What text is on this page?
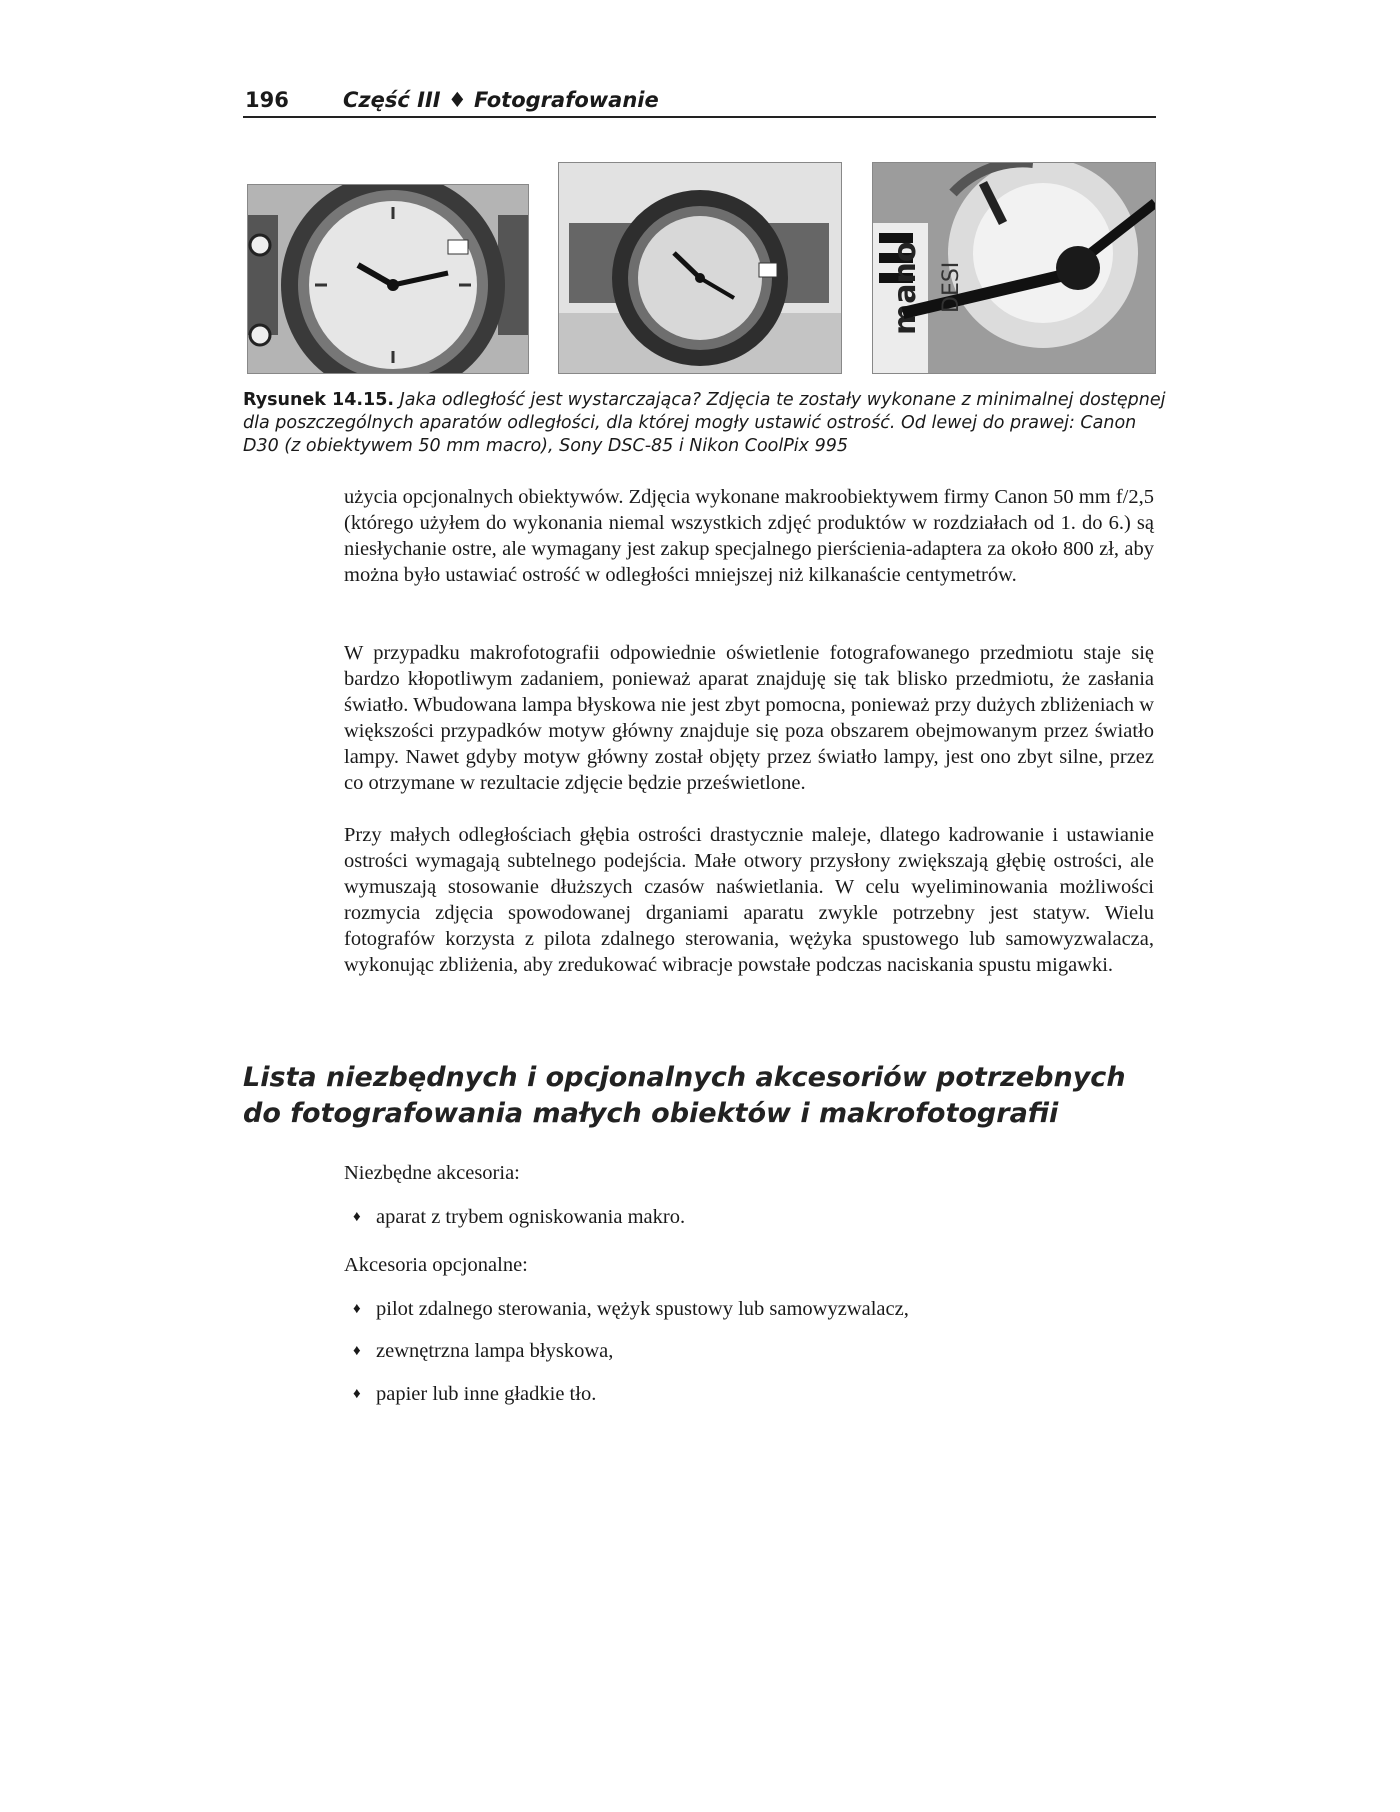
196	Część III ♦ Fotografowanie
mano DESI
Rysunek 14.15. Jaka odległość jest wystarczająca? Zdjęcia te zostały wykonane z minimalnej dostępnej dla poszczególnych aparatów odległości, dla której mogły ustawić ostrość. Od lewej do prawej: Canon D30 (z obiektywem 50 mm macro), Sony DSC-85 i Nikon CoolPix 995
użycia opcjonalnych obiektywów. Zdjęcia wykonane makroobiektywem firmy Canon 50 mm f/2,5 (którego użyłem do wykonania niemal wszystkich zdjęć produktów w rozdziałach od 1. do 6.) są niesłychanie ostre, ale wymagany jest zakup specjalnego pierścienia-adaptera za około 800 zł, aby można było ustawiać ostrość w odległości mniejszej niż kilkanaście centymetrów.
W przypadku makrofotografii odpowiednie oświetlenie fotografowanego przedmiotu staje się bardzo kłopotliwym zadaniem, ponieważ aparat znajduję się tak blisko przedmiotu, że zasłania światło. Wbudowana lampa błyskowa nie jest zbyt pomocna, ponieważ przy dużych zbliżeniach w większości przypadków motyw główny znajduje się poza obszarem obejmowanym przez światło lampy. Nawet gdyby motyw główny został objęty przez światło lampy, jest ono zbyt silne, przez co otrzymane w rezultacie zdjęcie będzie prześwietlone.
Przy małych odległościach głębia ostrości drastycznie maleje, dlatego kadrowanie i ustawianie ostrości wymagają subtelnego podejścia. Małe otwory przysłony zwiększają głębię ostrości, ale wymuszają stosowanie dłuższych czasów naświetlania. W celu wyeliminowania możliwości rozmycia zdjęcia spowodowanej drganiami aparatu zwykle potrzebny jest statyw. Wielu fotografów korzysta z pilota zdalnego sterowania, wężyka spustowego lub samowyzwalacza, wykonując zbliżenia, aby zredukować wibracje powstałe podczas naciskania spustu migawki.
Lista niezbędnych i opcjonalnych akcesoriów potrzebnych
do fotografowania małych obiektów i makrofotografii
Niezbędne akcesoria:
♦ aparat z trybem ogniskowania makro.
Akcesoria opcjonalne:
♦ pilot zdalnego sterowania, wężyk spustowy lub samowyzwalacz,
♦ zewnętrzna lampa błyskowa,
♦ papier lub inne gładkie tło.
